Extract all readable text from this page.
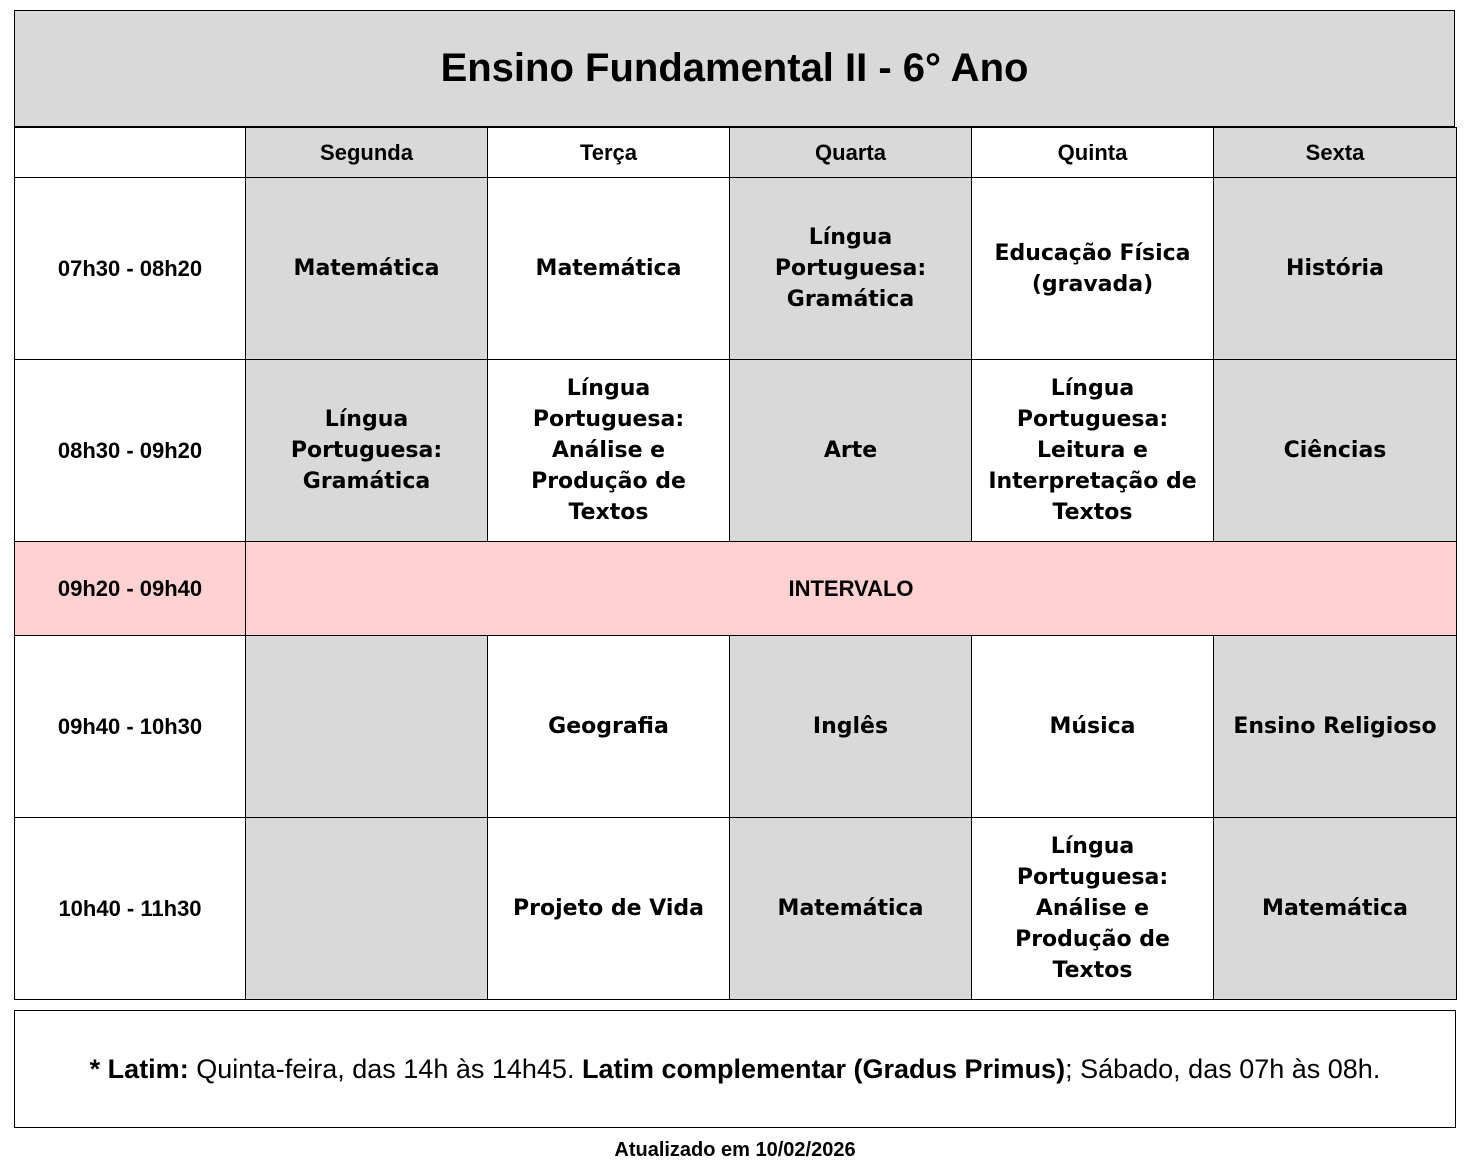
Ensino Fundamental II - 6° Ano
	Segunda	Terça	Quarta	Quinta	Sexta
07h30 - 08h20	Matemática	Matemática	Língua Portuguesa: Gramática	Educação Física (gravada)	História
08h30 - 09h20	Língua Portuguesa: Gramática	Língua Portuguesa: Análise e Produção de Textos	Arte	Língua Portuguesa: Leitura e Interpretação de Textos	Ciências
09h20 - 09h40	INTERVALO				
09h40 - 10h30		Geografia	Inglês	Música	Ensino Religioso
10h40 - 11h30		Projeto de Vida	Matemática	Língua Portuguesa: Análise e Produção de Textos	Matemática
* Latim: Quinta-feira, das 14h às 14h45. Latim complementar (Gradus Primus); Sábado, das 07h às 08h.
Atualizado em 10/02/2026
